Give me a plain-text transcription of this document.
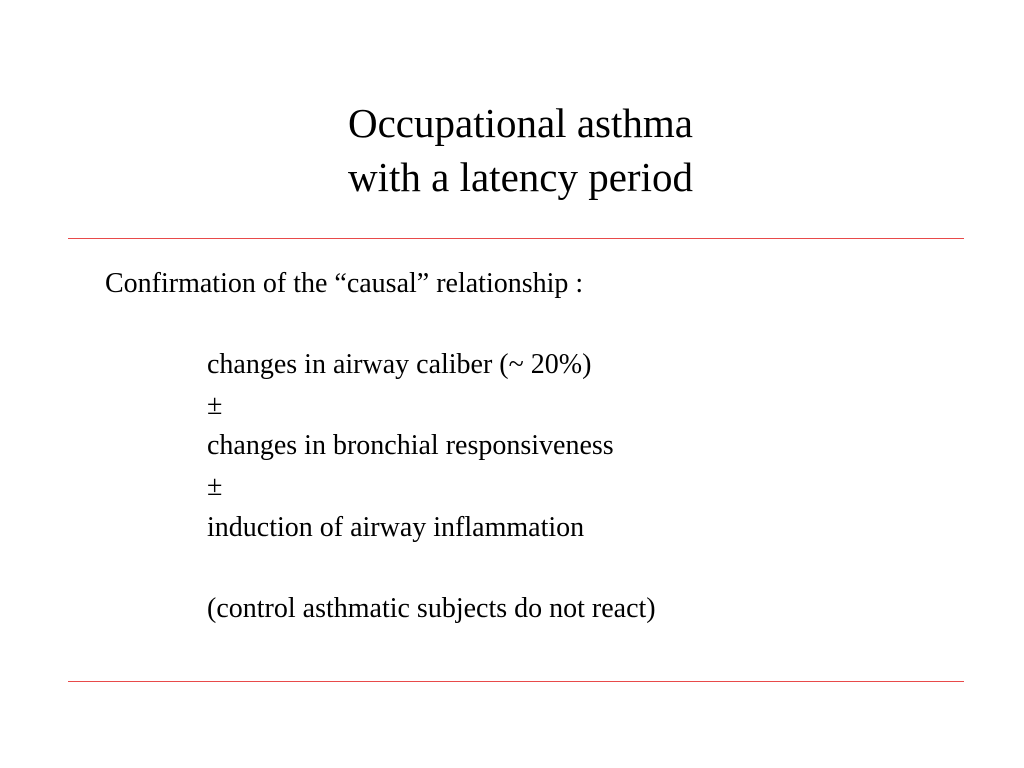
Occupational asthma
with a latency period
Confirmation of the “causal” relationship :
changes in airway caliber (~ 20%)
±
changes in bronchial responsiveness
±
induction of airway inflammation
(control asthmatic subjects do not react)
